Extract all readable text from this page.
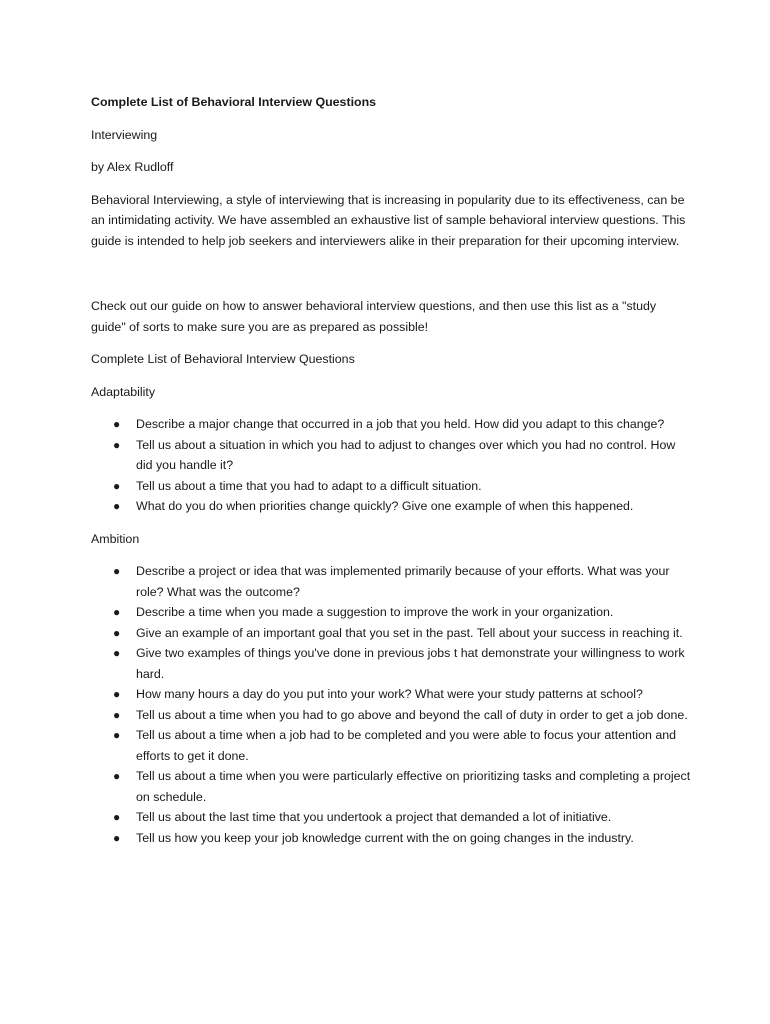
Complete List of Behavioral Interview Questions

Interviewing

by Alex Rudloff

Behavioral Interviewing, a style of interviewing that is increasing in popularity due to its effectiveness, can be an intimidating activity. We have assembled an exhaustive list of sample behavioral interview questions. This guide is intended to help job seekers and interviewers alike in their preparation for their upcoming interview.

Check out our guide on how to answer behavioral interview questions, and then use this list as a "study guide" of sorts to make sure you are as prepared as possible!

Complete List of Behavioral Interview Questions

Adaptability

● Describe a major change that occurred in a job that you held. How did you adapt to this change?
● Tell us about a situation in which you had to adjust to changes over which you had no control. How did you handle it?
● Tell us about a time that you had to adapt to a difficult situation.
● What do you do when priorities change quickly? Give one example of when this happened.

Ambition

● Describe a project or idea that was implemented primarily because of your efforts. What was your role? What was the outcome?
● Describe a time when you made a suggestion to improve the work in your organization.
● Give an example of an important goal that you set in the past. Tell about your success in reaching it.
● Give two examples of things you've done in previous jobs t hat demonstrate your willingness to work hard.
● How many hours a day do you put into your work? What were your study patterns at school?
● Tell us about a time when you had to go above and beyond the call of duty in order to get a job done.
● Tell us about a time when a job had to be completed and you were able to focus your attention and efforts to get it done.
● Tell us about a time when you were particularly effective on prioritizing tasks and completing a project on schedule.
● Tell us about the last time that you undertook a project that demanded a lot of initiative.
● Tell us how you keep your job knowledge current with the on going changes in the industry.
